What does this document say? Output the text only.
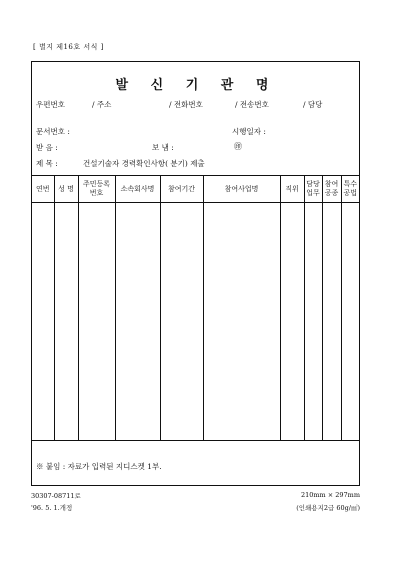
[ 별지 제16호 서식 ]
발 신 기 관 명
우편번호	/ 주소	/ 전화번호	/ 전송번호	/ 담당
문서번호 :	시행일자 :
받 음 :	보 냄 :	㊞
제 목 :	건설기술자 경력확인사항( 분기) 제출
연번	성 명	주민등록 번호	소속회사명	참여기간	참여사업명	직위	담당 업무	참여 공종	특수 공법

※ 붙임 : 자료가 입력된 지디스켓 1부.
30307-08711로
'96. 5. 1.개정
210mm × 297mm
(인쇄용지2급 60g/㎡)
